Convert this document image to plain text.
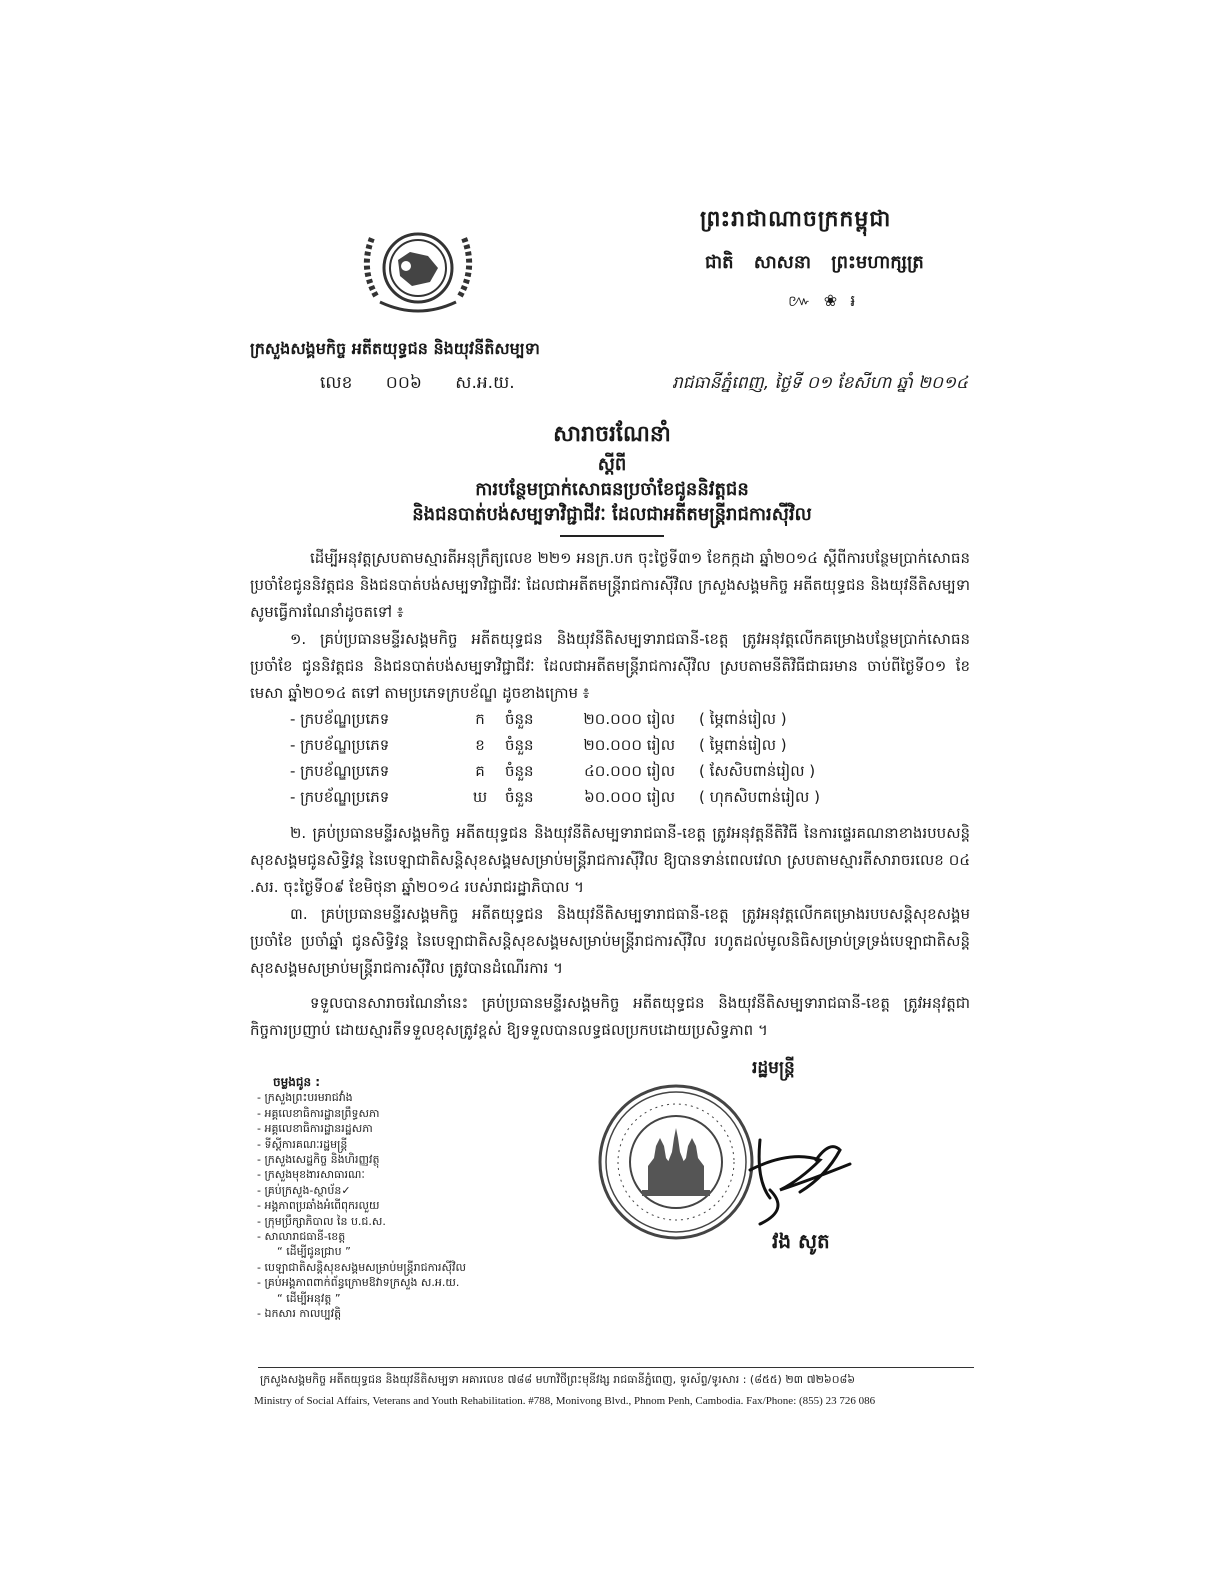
ព្រះរាជាណាចក្រកម្ពុជា
ជាតិ សាសនា ព្រះមហាក្សត្រ
៚ ❀ ៛
ក្រសួងសង្គមកិច្ច អតីតយុទ្ធជន និងយុវនីតិសម្បទា
លេខ ០០៦ ស.អ.យ.	រាជធានីភ្នំពេញ, ថ្ងៃទី ០១ ខែសីហា ឆ្នាំ ២០១៤
សារាចរណែនាំ
ស្តីពី
ការបន្ថែមប្រាក់សោធនប្រចាំខែជូននិវត្តជន
និងជនបាត់បង់សម្បទាវិជ្ជាជីវៈ ដែលជាអតីតមន្ត្រីរាជការស៊ីវិល
ដើម្បីអនុវត្តស្របតាមស្មារតីអនុក្រឹត្យលេខ ២២១ អនក្រ.បក ចុះថ្ងៃទី៣១ ខែកក្កដា ឆ្នាំ២០១៤ ស្តីពីការបន្ថែមប្រាក់សោធនប្រចាំខែជូននិវត្តជន និងជនបាត់បង់សម្បទាវិជ្ជាជីវៈ ដែលជាអតីតមន្ត្រីរាជការស៊ីវិល ក្រសួងសង្គមកិច្ច អតីតយុទ្ធជន និងយុវនីតិសម្បទា សូមធ្វើការណែនាំដូចតទៅ ៖
១. គ្រប់ប្រធានមន្ទីរសង្គមកិច្ច អតីតយុទ្ធជន និងយុវនីតិសម្បទារាជធានី-ខេត្ត ត្រូវអនុវត្តលើកគម្រោងបន្ថែមប្រាក់សោធនប្រចាំខែ ជូននិវត្តជន និងជនបាត់បង់សម្បទាវិជ្ជាជីវៈ ដែលជាអតីតមន្ត្រីរាជការស៊ីវិល ស្របតាមនីតិវិធីជាធរមាន ចាប់ពីថ្ងៃទី០១ ខែមេសា ឆ្នាំ២០១៤ តទៅ តាមប្រភេទក្របខ័ណ្ឌ ដូចខាងក្រោម ៖
- ក្របខ័ណ្ឌប្រភេទ	ក	ចំនួន	២០.០០០ រៀល	( ម្ភៃពាន់រៀល )
- ក្របខ័ណ្ឌប្រភេទ	ខ	ចំនួន	២០.០០០ រៀល	( ម្ភៃពាន់រៀល )
- ក្របខ័ណ្ឌប្រភេទ	គ	ចំនួន	៤០.០០០ រៀល	( សែសិបពាន់រៀល )
- ក្របខ័ណ្ឌប្រភេទ	ឃ	ចំនួន	៦០.០០០ រៀល	( ហុកសិបពាន់រៀល )
២. គ្រប់ប្រធានមន្ទីរសង្គមកិច្ច អតីតយុទ្ធជន និងយុវនីតិសម្បទារាជធានី-ខេត្ត ត្រូវអនុវត្តនីតិវិធី នៃការផ្ទេរគណនាខាងរបបសន្តិសុខសង្គមជូនសិទ្ធិវន្ត នៃបេឡាជាតិសន្តិសុខសង្គមសម្រាប់មន្ត្រីរាជការស៊ីវិល ឱ្យបានទាន់ពេលវេលា ស្របតាមស្មារតីសារាចរលេខ ០៤ .សរ. ចុះថ្ងៃទី០៩ ខែមិថុនា ឆ្នាំ២០១៤ របស់រាជរដ្ឋាភិបាល ។
៣. គ្រប់ប្រធានមន្ទីរសង្គមកិច្ច អតីតយុទ្ធជន និងយុវនីតិសម្បទារាជធានី-ខេត្ត ត្រូវអនុវត្តលើកគម្រោងរបបសន្តិសុខសង្គមប្រចាំខែ ប្រចាំឆ្នាំ ជូនសិទ្ធិវន្ត នៃបេឡាជាតិសន្តិសុខសង្គមសម្រាប់មន្ត្រីរាជការស៊ីវិល រហូតដល់មូលនិធិសម្រាប់ទ្រទ្រង់បេឡាជាតិសន្តិសុខសង្គមសម្រាប់មន្ត្រីរាជការស៊ីវិល ត្រូវបានដំណើរការ ។
ទទួលបានសារាចរណែនាំនេះ គ្រប់ប្រធានមន្ទីរសង្គមកិច្ច អតីតយុទ្ធជន និងយុវនីតិសម្បទារាជធានី-ខេត្ត ត្រូវអនុវត្តជាកិច្ចការប្រញាប់ ដោយស្មារតីទទួលខុសត្រូវខ្ពស់ ឱ្យទទួលបានលទ្ធផលប្រកបដោយប្រសិទ្ធភាព ។
រដ្ឋមន្ត្រី
ចម្លងជូន :
- ក្រសួងព្រះបរមរាជវាំង
- អគ្គលេខាធិការដ្ឋានព្រឹទ្ធសភា
- អគ្គលេខាធិការដ្ឋានរដ្ឋសភា
- ទីស្តីការគណៈរដ្ឋមន្ត្រី
- ក្រសួងសេដ្ឋកិច្ច និងហិរញ្ញវត្ថុ
- ក្រសួងមុខងារសាធារណៈ
- គ្រប់ក្រសួង-ស្ថាប័ន✓
- អង្គភាពប្រឆាំងអំពើពុករលួយ
- ក្រុមប្រឹក្សាភិបាល នៃ ប.ជ.ស.
- សាលារាជធានី-ខេត្ត
“ ដើម្បីជូនជ្រាប ”
- បេឡាជាតិសន្តិសុខសង្គមសម្រាប់មន្ត្រីរាជការស៊ីវិល
- គ្រប់អង្គភាពពាក់ព័ន្ធក្រោមឱវាទក្រសួង ស.អ.យ.
“ ដើម្បីអនុវត្ត ”
- ឯកសារ កាលប្បវត្តិ
វង សូត
ក្រសួងសង្គមកិច្ច អតីតយុទ្ធជន និងយុវនីតិសម្បទា អគារលេខ ៧៨៨ មហាវិថីព្រះមុនីវង្ស រាជធានីភ្នំពេញ, ទូរស័ព្ទ/ទូរសារ : (៨៥៥) ២៣ ៧២៦០៨៦
Ministry of Social Affairs, Veterans and Youth Rehabilitation. #788, Monivong Blvd., Phnom Penh, Cambodia. Fax/Phone: (855) 23 726 086
